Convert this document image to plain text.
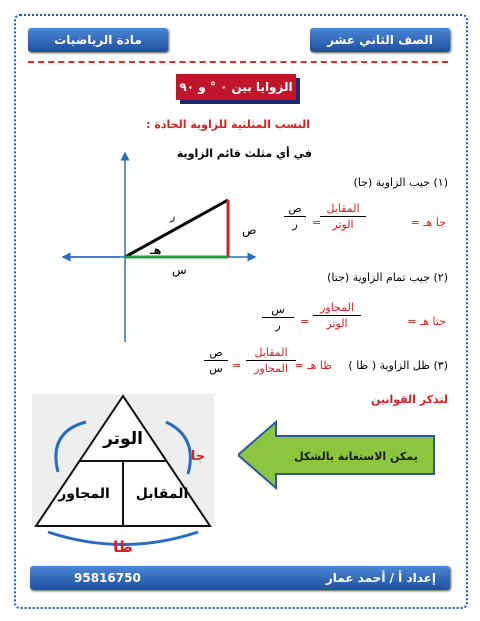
الصف الثاني عشر متقدم
مادة الرياضيات
الزوايا بين ٠ ° و ٩٠ °
النسب المثلثية للزاوية الحادة :
في أي مثلث قائم الزاوية
ر
ص
س
هـ
(١) جيب الزاوية (جا)
جا هـ =
المقابل
الوتر
=
ص
ر
(٢) جيب تمام الزاوية (جتا)
جتا هـ =
المجاور
الوتر
=
س
ر
(٣) ظل الزاوية ( ظا )
ظا هـ =
المقابل
المجاور
=
ص
س
لتذكر القوانين
الوتر
المقابل
المجاور
ظا
جا	يمكن الاستعانة بالشكل
إعداد أ / أحمد عمار
95816750
